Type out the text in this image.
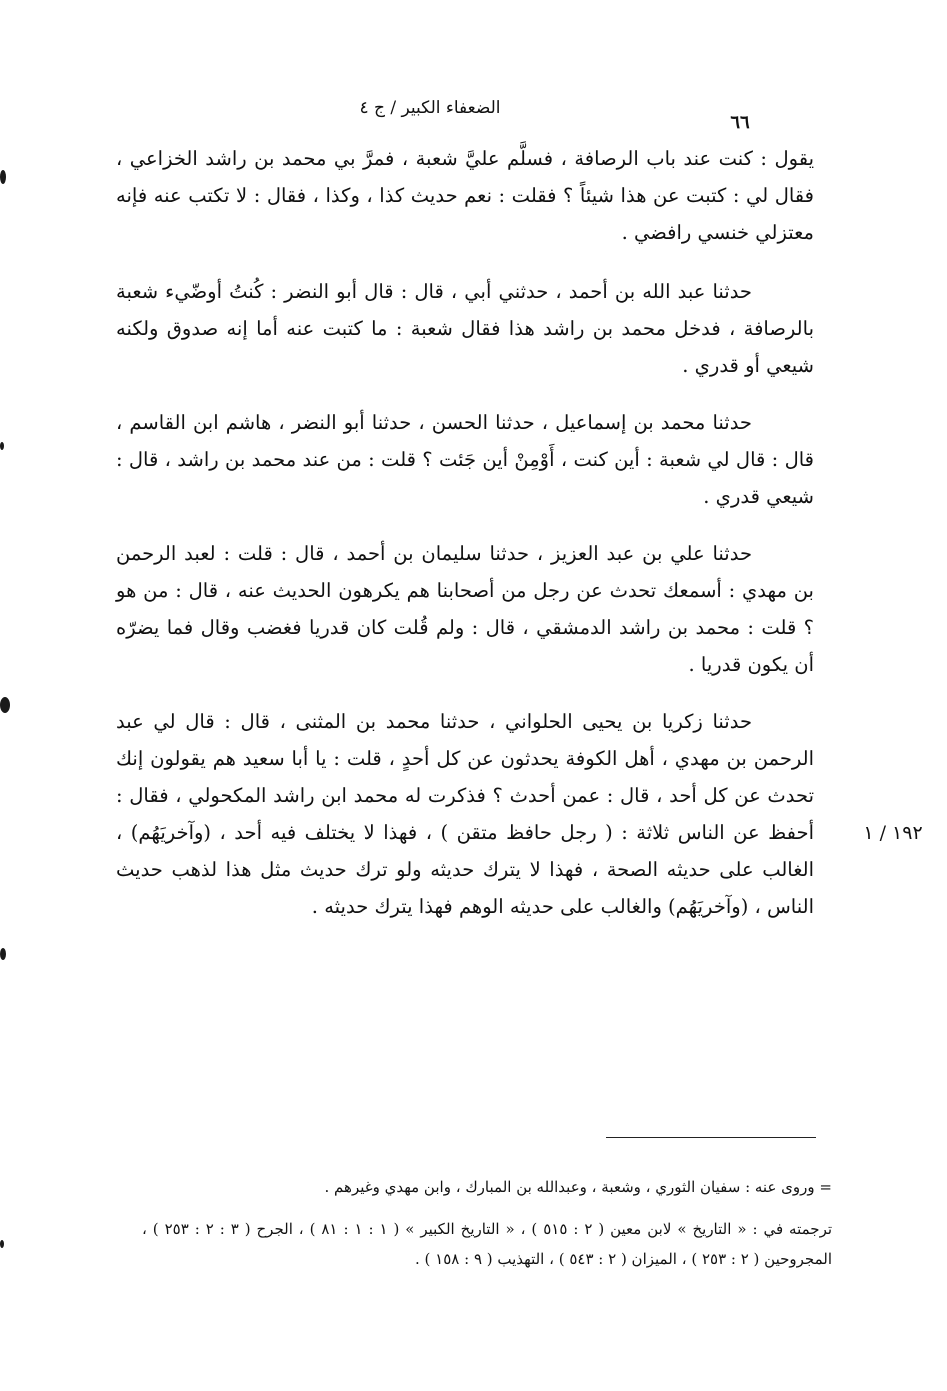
الضعفاء الكبير / ج ٤
٦٦

يقول : كنت عند باب الرصافة ، فسلَّم عليَّ شعبة ، فمرَّ بي محمد بن راشد الخزاعي ، فقال لي : كتبت عن هذا شيئاً ؟ فقلت : نعم حديث كذا ، وكذا ، فقال : لا تكتب عنه فإنه معتزلي خنسي رافضي .

حدثنا عبد الله بن أحمد ، حدثني أبي ، قال : قال أبو النضر : كُنتُ أوضّيء شعبة بالرصافة ، فدخل محمد بن راشد هذا فقال شعبة : ما كتبت عنه أما إنه صدوق ولكنه شيعي أو قدري .

حدثنا محمد بن إسماعيل ، حدثنا الحسن ، حدثنا أبو النضر ، هاشم ابن القاسم ، قال : قال لي شعبة : أين كنت ، أَوْمِنْ أين جَئت ؟ قلت : من عند محمد بن راشد ، قال : شيعي قدري .

حدثنا علي بن عبد العزيز ، حدثنا سليمان بن أحمد ، قال : قلت : لعبد الرحمن بن مهدي : أسمعك تحدث عن رجل من أصحابنا هم يكرهون الحديث عنه ، قال : من هو ؟ قلت : محمد بن راشد الدمشقي ، قال : ولم قُلت كان قدريا فغضب وقال فما يضرّه أن يكون قدريا .

حدثنا زكريا بن يحيى الحلواني ، حدثنا محمد بن المثنى ، قال : قال لي عبد الرحمن بن مهدي ، أهل الكوفة يحدثون عن كل أحدٍ ، قلت : يا أبا سعيد هم يقولون إنك تحدث عن كل أحد ، قال : عمن أحدث ؟ فذكرت له محمد ابن راشد المكحولي ، فقال : أحفظ عن الناس ثلاثة : ( رجل حافظ متقن ) ، فهذا لا يختلف فيه أحد ، (وآخريَهُم) ، الغالب على حديثه الصحة ، فهذا لا يترك حديثه ولو ترك حديث مثل هذا لذهب حديث الناس ، (وآخريَهُم) والغالب على حديثه الوهم فهذا يترك حديثه .

١٩٢ / ١

= وروى عنه : سفيان الثوري ، وشعبة ، وعبدالله بن المبارك ، وابن مهدي وغيرهم .

ترجمته في : « التاريخ » لابن معين ( ٢ : ٥١٥ ) ، « التاريخ الكبير » ( ١ : ١ : ٨١ ) ، الجرح ( ٣ : ٢ : ٢٥٣ ) ، المجروحين ( ٢ : ٢٥٣ ) ، الميزان ( ٢ : ٥٤٣ ) ، التهذيب ( ٩ : ١٥٨ ) .
